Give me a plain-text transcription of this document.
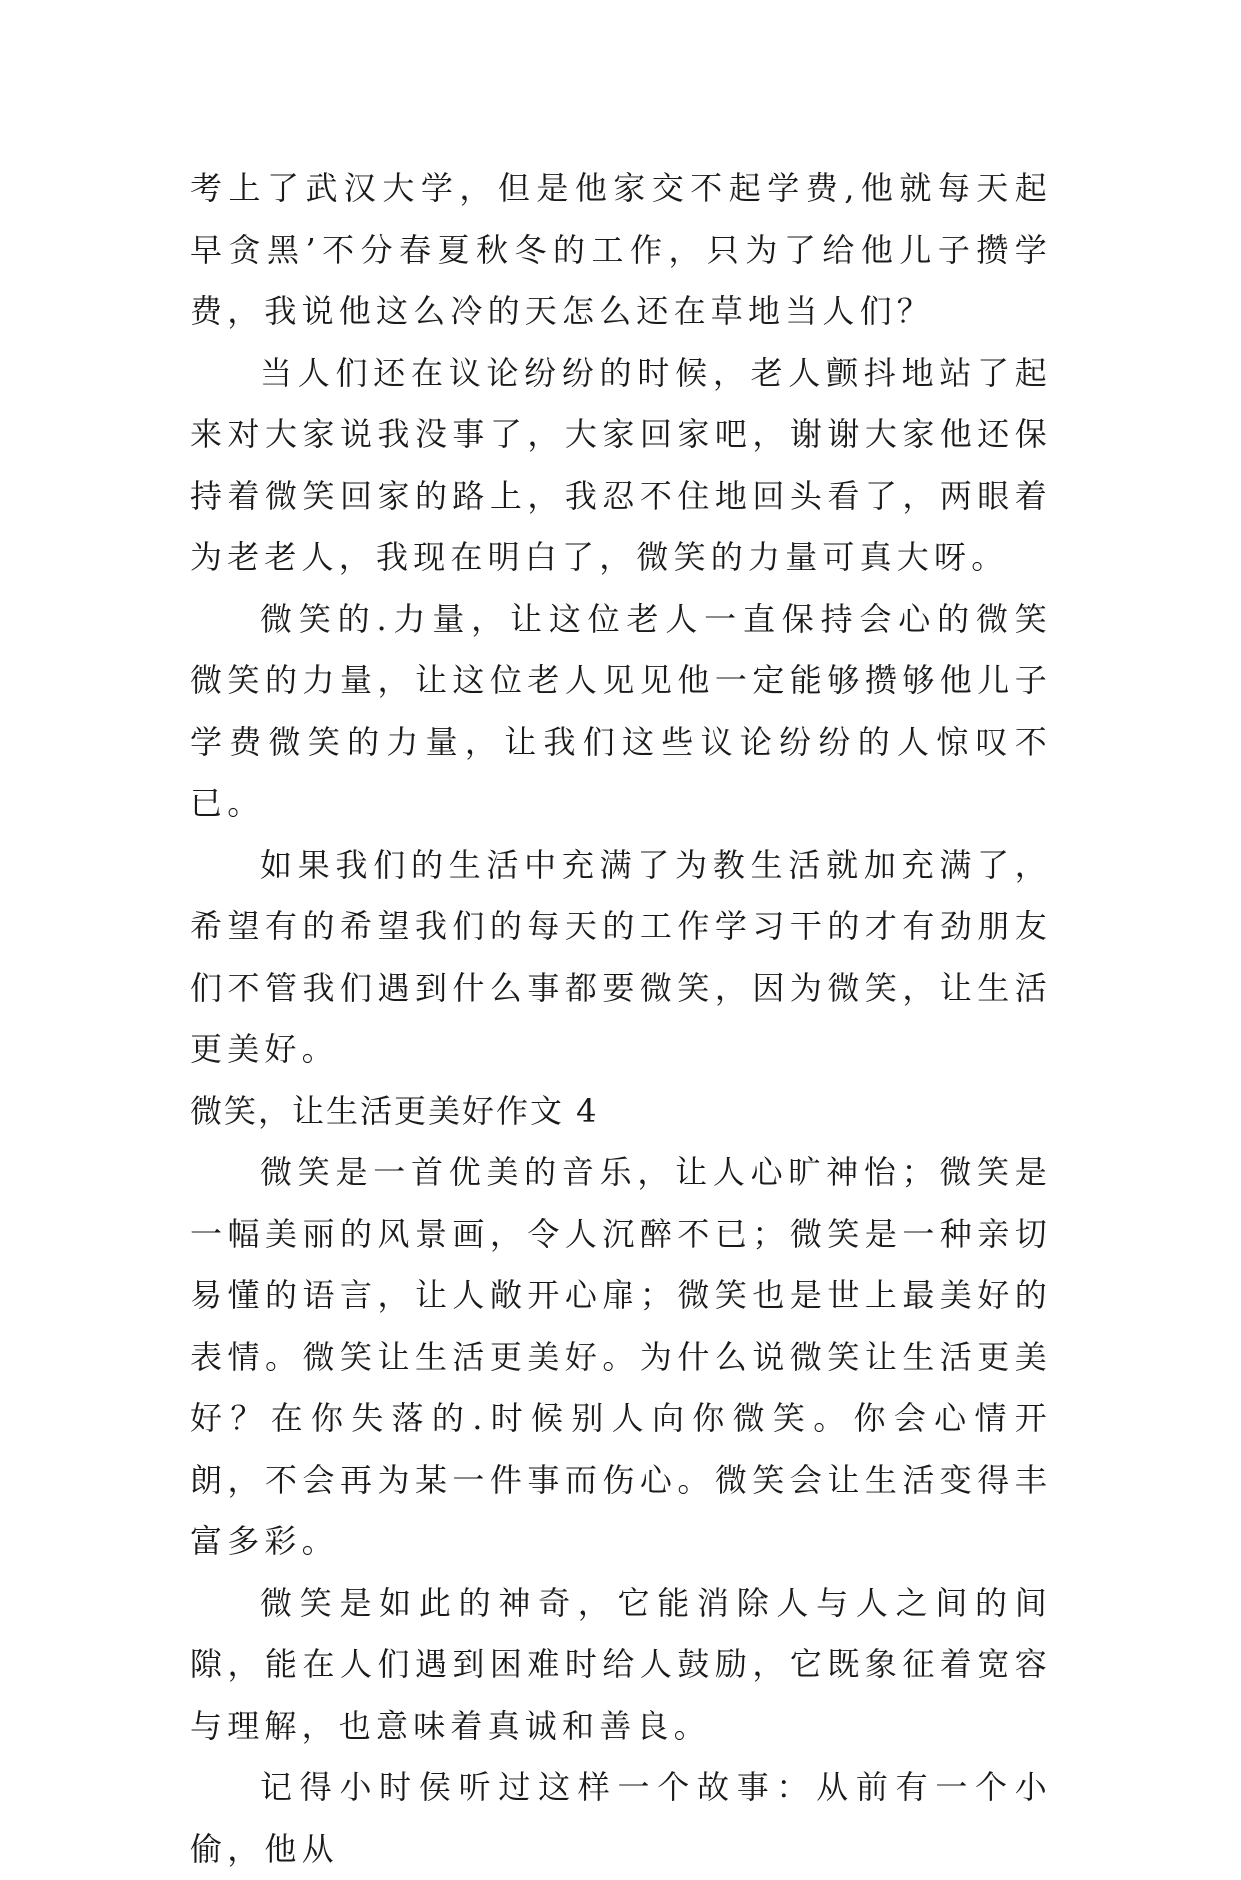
考上了武汉大学，但是他家交不起学费,他就每天起早贪黑’不分春夏秋冬的工作，只为了给他儿子攒学费，我说他这么冷的天怎么还在草地当人们？

当人们还在议论纷纷的时候，老人颤抖地站了起来对大家说我没事了，大家回家吧，谢谢大家他还保持着微笑回家的路上，我忍不住地回头看了，两眼着为老老人，我现在明白了，微笑的力量可真大呀。

微笑的.力量，让这位老人一直保持会心的微笑微笑的力量，让这位老人见见他一定能够攒够他儿子学费微笑的力量，让我们这些议论纷纷的人惊叹不已。

如果我们的生活中充满了为教生活就加充满了，希望有的希望我们的每天的工作学习干的才有劲朋友们不管我们遇到什么事都要微笑，因为微笑，让生活更美好。

微笑，让生活更美好作文 4

微笑是一首优美的音乐，让人心旷神怡；微笑是一幅美丽的风景画，令人沉醉不已；微笑是一种亲切易懂的语言，让人敞开心扉；微笑也是世上最美好的表情。微笑让生活更美好。为什么说微笑让生活更美好？在你失落的.时候别人向你微笑。你会心情开朗，不会再为某一件事而伤心。微笑会让生活变得丰富多彩。

微笑是如此的神奇，它能消除人与人之间的间隙，能在人们遇到困难时给人鼓励，它既象征着宽容与理解，也意味着真诚和善良。

记得小时侯听过这样一个故事：从前有一个小偷，他从
